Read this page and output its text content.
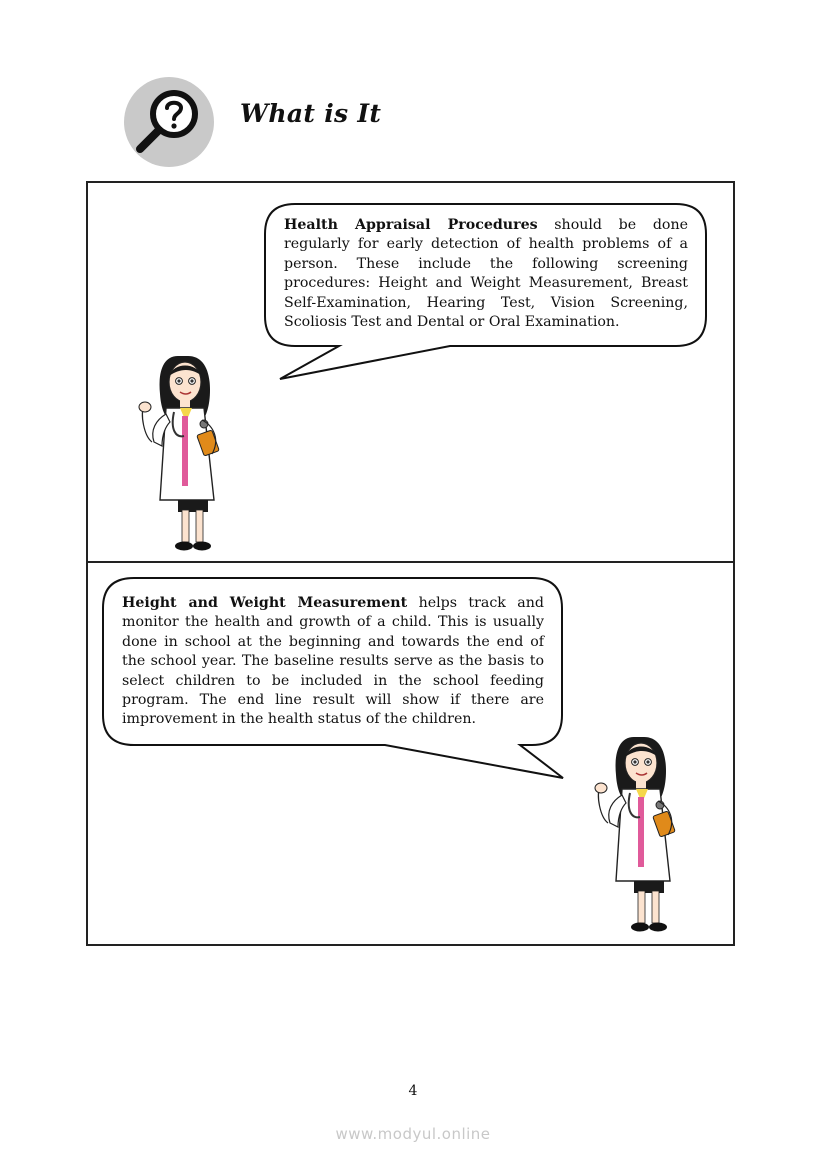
What is It

Health Appraisal Procedures should be done regularly for early detection of health problems of a person. These include the following screening procedures: Height and Weight Measurement, Breast Self-Examination, Hearing Test, Vision Screening, Scoliosis Test and Dental or Oral Examination.

Height and Weight Measurement helps track and monitor the health and growth of a child. This is usually done in school at the beginning and towards the end of the school year. The baseline results serve as the basis to select children to be included in the school feeding program. The end line result will show if there are improvement in the health status of the children.

4
www.modyul.online
